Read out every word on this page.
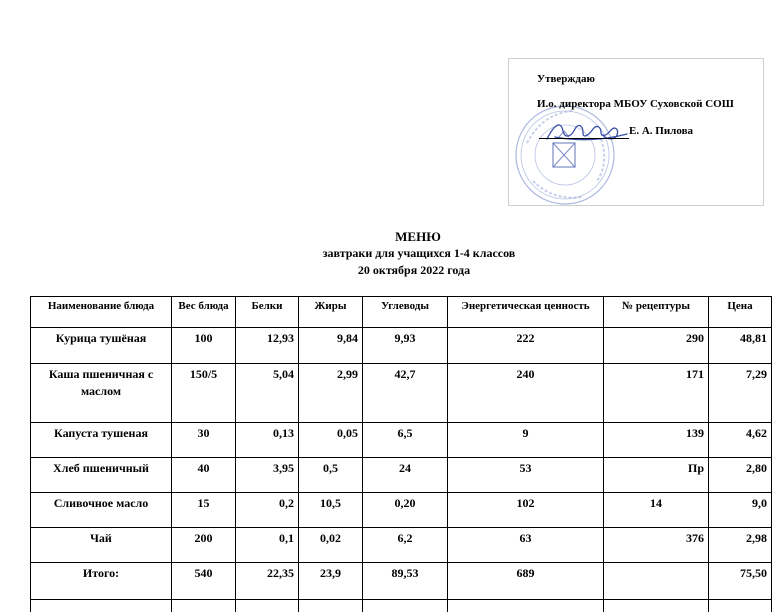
Утверждаю
И.о. директора МБОУ Суховской СОШ
Е. А. Пилова
МЕНЮ
завтраки для учащихся 1-4 классов
20 октября 2022 года
Наименование блюда	Вес блюда	Белки	Жиры	Углеводы	Энергетическая ценность	№ рецептуры	Цена
Курица тушёная	100	12,93	9,84	9,93	222	290	48,81
Каша пшеничная с маслом	150/5	5,04	2,99	42,7	240	171	7,29
Капуста тушеная	30	0,13	0,05	6,5	9	139	4,62
Хлеб пшеничный	40	3,95	0,5	24	53	Пр	2,80
Сливочное масло	15	0,2	10,5	0,20	102	14	9,0
Чай	200	0,1	0,02	6,2	63	376	2,98
Итого:	540	22,35	23,9	89,53	689		75,50
